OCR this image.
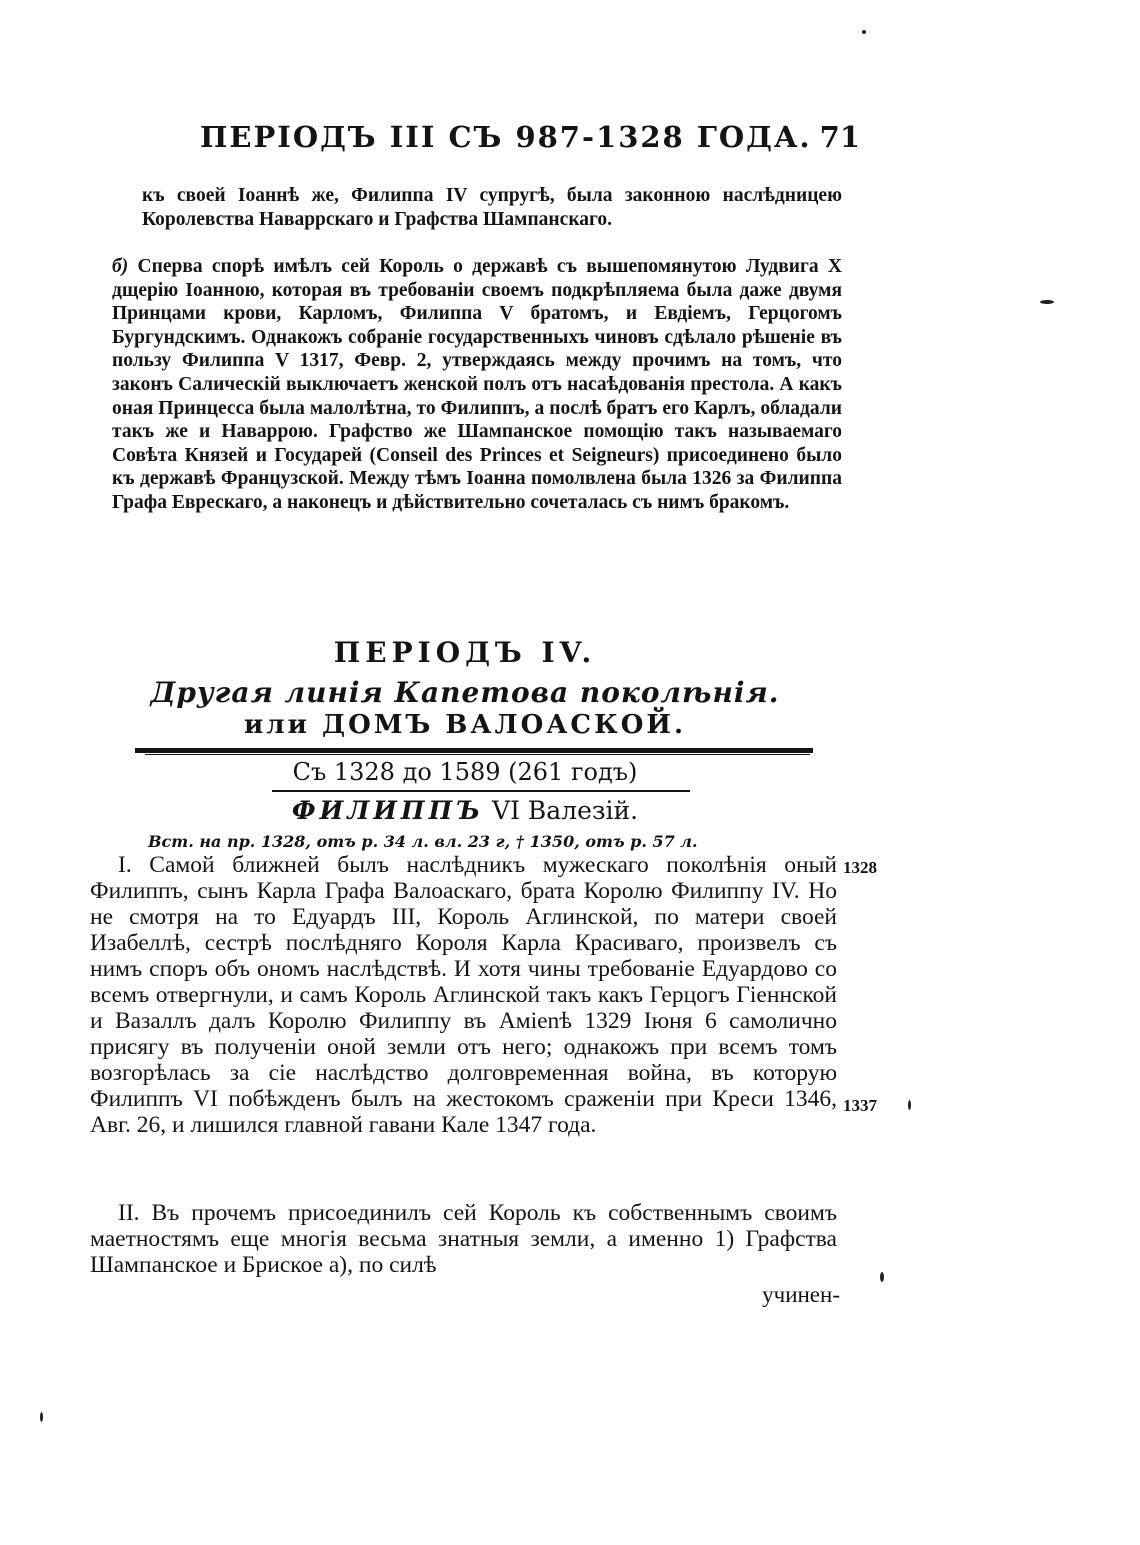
ПЕРІОДЪ III СЪ 987-1328 ГОДА. 71
къ своей Іоаннѣ же, Филиппа IV супругѣ, была законною наслѣдницею Королевства Наваррскаго и Графства Шампанскаго.
б) Сперва спорѣ имѣлъ сей Король о державѣ съ вышепомянутою Лудвига X дщерію Іоанною, которая въ требованіи своемъ подкрѣпляема была даже двумя Принцами крови, Карломъ, Филиппа V братомъ, и Евдіемъ, Герцогомъ Бургундскимъ. Однакожъ собраніе государственныхъ чиновъ сдѣлало рѣшеніе въ пользу Филиппа V 1317, Февр. 2, утверждаясь между прочимъ на томъ, что законъ Салическiй выключаетъ женской полъ отъ насаѣдованія престола. А какъ оная Принцесса была малолѣтна, то Филиппъ, а послѣ братъ его Карлъ, обладали такъ же и Наваррою. Графство же Шампанское помощію такъ называемаго Совѣта Князей и Государей (Conseil des Princes et Seigneurs) присоединено было къ державѣ Французской. Между тѣмъ Іоанна помолвлена была 1326 за Филиппа Графа Еврескаго, а наконецъ и дѣйствительно сочеталась съ нимъ бракомъ.
ПЕРІОДЪ IV.
Другая линія Капетова поколѣнія.
или ДОМЪ ВАЛОАСКОЙ.
Съ 1328 до 1589 (261 годъ)
ФИЛИППЪ VI Валезій.
Вст. на пр. 1328, отъ р. 34 л. вл. 23 г, † 1350, отъ р. 57 л.
I. Самой ближней былъ наслѣдникъ мужескаго поколѣнія оный Филиппъ, сынъ Карла Графа Валоаскаго, брата Королю Филиппу IV. Но не смотря на то Едуардъ III, Король Аглинской, по матери своей Изабеллѣ, сестрѣ послѣдняго Короля Карла Красиваго, произвелъ съ нимъ споръ объ ономъ наслѣдствѣ. И хотя чины требованіе Едуардово со всемъ отвергнули, и самъ Король Аглинской такъ какъ Герцогъ Гіеннской и Вазаллъ далъ Королю Филиппу въ Амienѣ 1329 Іюня 6 самолично присягу въ полученіи оной земли отъ него; однакожъ при всемъ томъ возгорѣлась за сіе наслѣдство долговременная война, въ которую Филиппъ VI побѣжденъ былъ на жестокомъ сраженіи при Креси 1346, Авг. 26, и лишился главной гавани Кале 1347 года.
II. Въ прочемъ присоединилъ сей Король къ собственнымъ своимъ маетностямъ еще многія весьма знатныя земли, а именно 1) Графства Шампанское и Бриское a), по силѣ
учинен-
1328
1337
